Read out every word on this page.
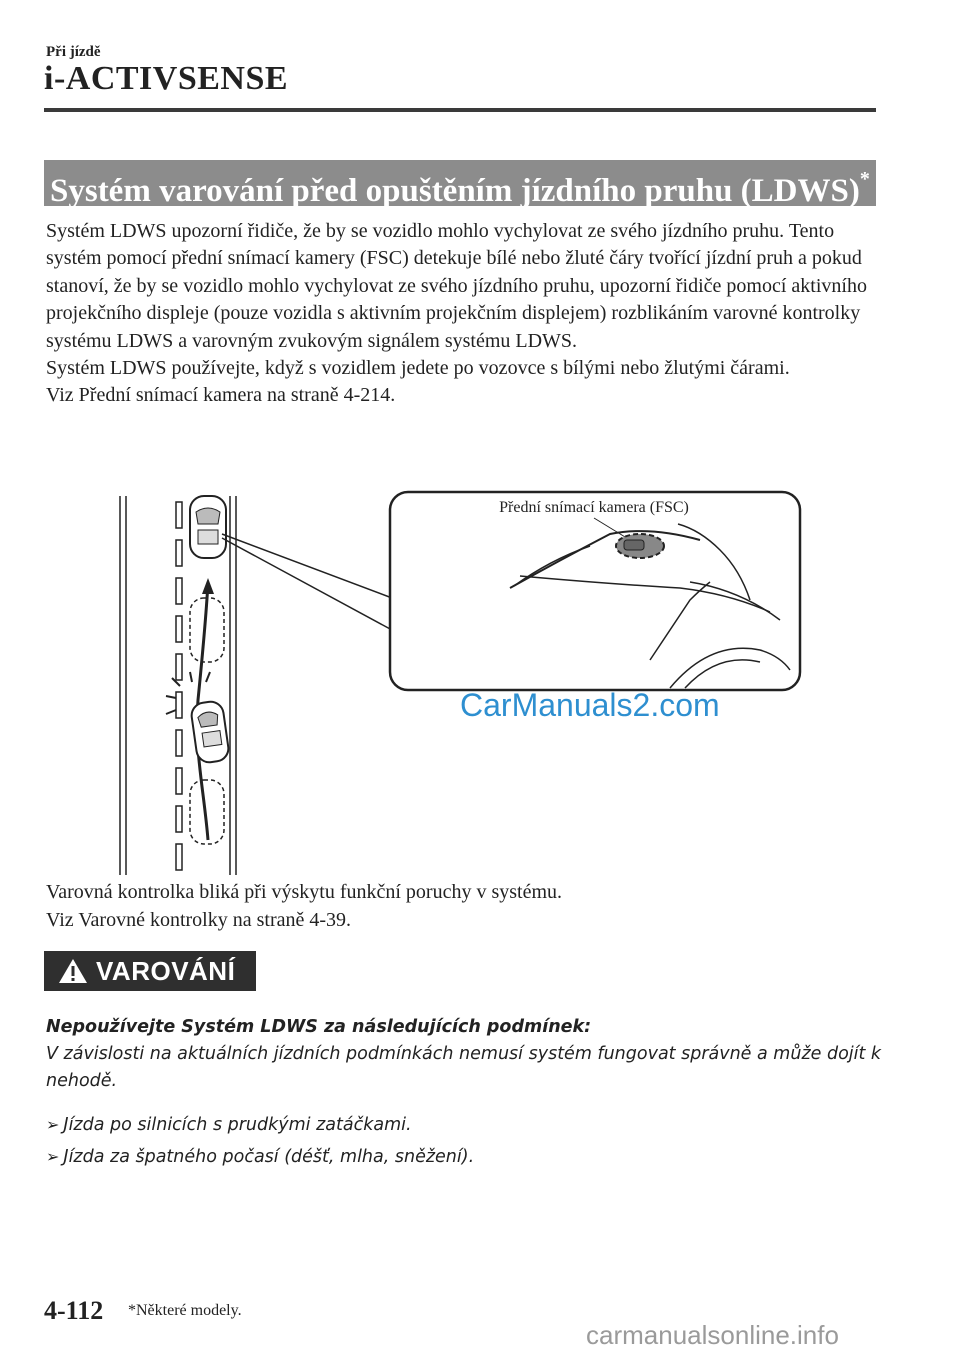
Při jízdě
i-ACTIVSENSE
Systém varování před opuštěním jízdního pruhu (LDWS)*

Systém LDWS upozorní řidiče, že by se vozidlo mohlo vychylovat ze svého jízdního pruhu. Tento systém pomocí přední snímací kamery (FSC) detekuje bílé nebo žluté čáry tvořící jízdní pruh a pokud stanoví, že by se vozidlo mohlo vychylovat ze svého jízdního pruhu, upozorní řidiče pomocí aktivního projekčního displeje (pouze vozidla s aktivním projekčním displejem) rozblikáním varovné kontrolky systému LDWS a varovným zvukovým signálem systému LDWS.

Systém LDWS používejte, když s vozidlem jedete po vozovce s bílými nebo žlutými čárami.

Viz Přední snímací kamera na straně 4-214.

Přední snímací kamera (FSC)
CarManuals2.com

Varovná kontrolka bliká při výskytu funkční poruchy v systému.

Viz Varovné kontrolky na straně 4-39.

VAROVÁNÍ

Nepoužívejte Systém LDWS za následujících podmínek:

V závislosti na aktuálních jízdních podmínkách nemusí systém fungovat správně a může dojít k nehodě.

➢ Jízda po silnicích s prudkými zatáčkami.
➢ Jízda za špatného počasí (déšť, mlha, sněžení).
4-112 *Některé modely.
carmanualsonline.info
